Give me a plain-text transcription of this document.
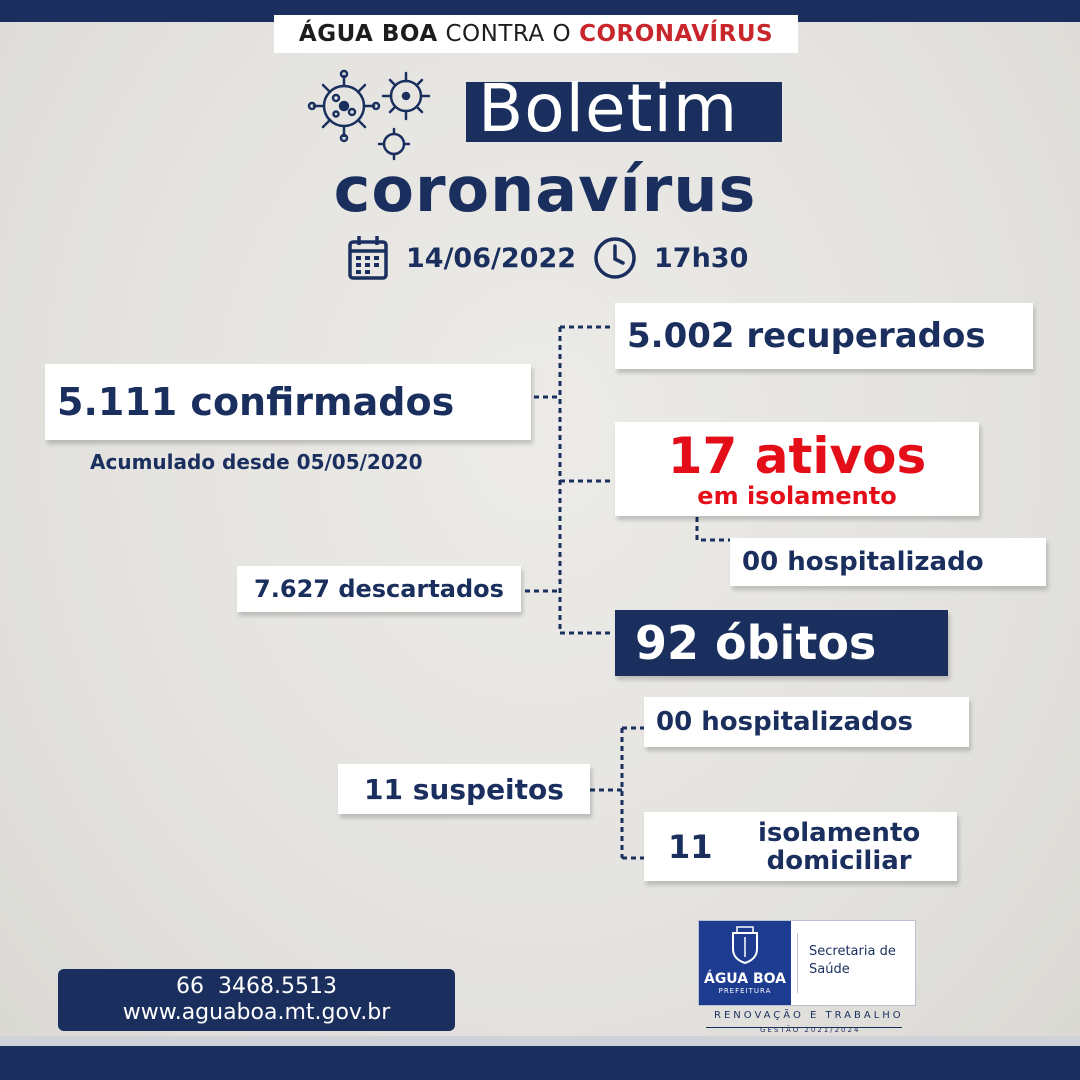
ÁGUA BOA
CONTRA O CORONAVÍRUS
Boletim
coronavírus
14/06/2022	17h30
5.111 confirmados
Acumulado desde 05/05/2020
5.002 recuperados
17 ativos
em isolamento
00 hospitalizado
7.627 descartados
92 óbitos
00 hospitalizados
11 suspeitos
11	isolamento
domiciliar
66  3468.5513
www.aguaboa.mt.gov.br
ÁGUA BOA
PREFEITURA
Secretaria de
Saúde
RENOVAÇÃO E TRABALHO
GESTÃO 2021/2024
